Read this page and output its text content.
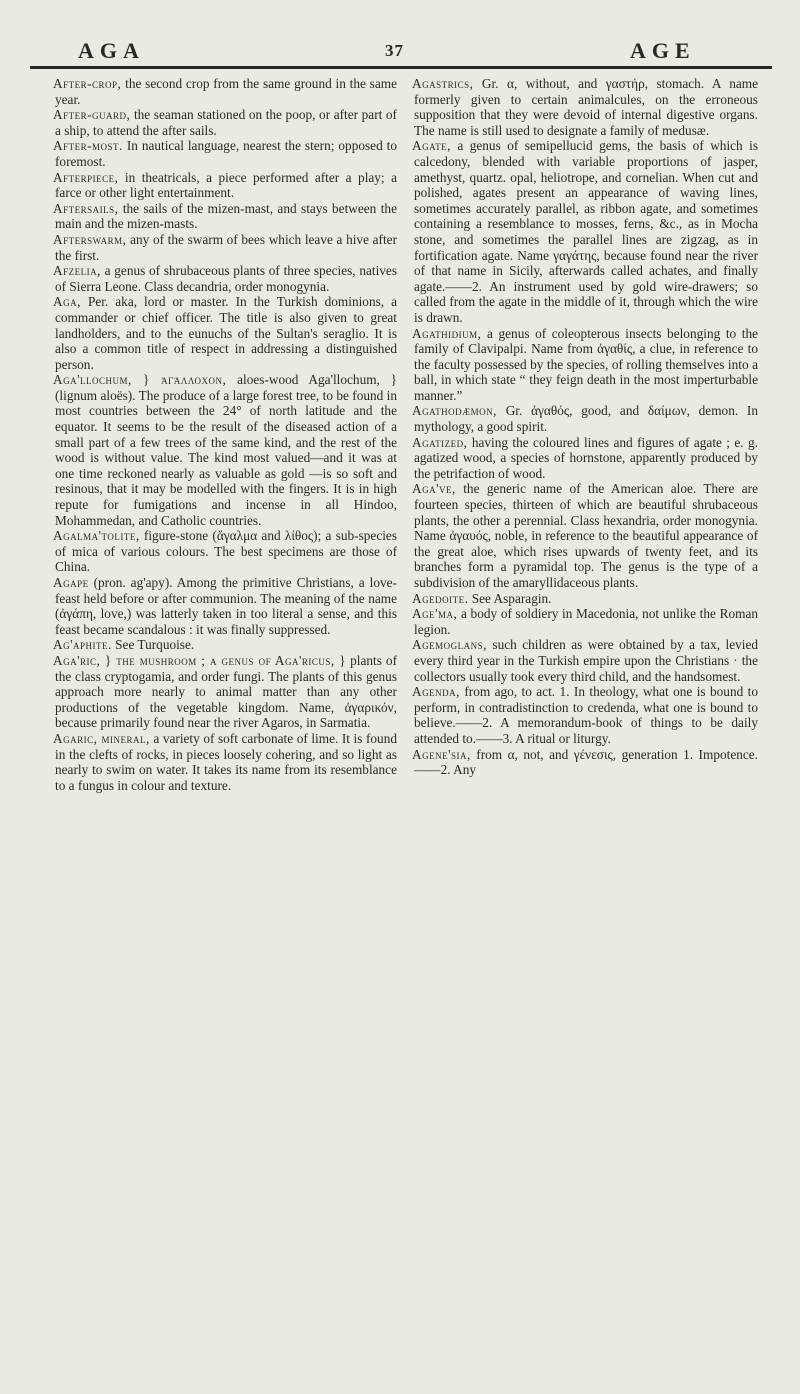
AGA	37	AGE

After-crop, the second crop from the same ground in the same year.

After-guard, the seaman stationed on the poop, or after part of a ship, to attend the after sails.

After-most. In nautical language, nearest the stern; opposed to foremost.

Afterpiece, in theatricals, a piece performed after a play; a farce or other light entertainment.

Aftersails, the sails of the mizen-mast, and stays between the main and the mizen-masts.

Afterswarm, any of the swarm of bees which leave a hive after the first.

Afzelia, a genus of shrubaceous plants of three species, natives of Sierra Leone. Class decandria, order monogynia.

Aga, Per. aka, lord or master. In the Turkish dominions, a commander or chief officer. The title is also given to great landholders, and to the eunuchs of the Sultan's seraglio. It is also a common title of respect in addressing a distinguished person.

Aga'llochum, } ἀγάλλοχον, aloes-wood Aga'llochum, } (lignum aloës). The produce of a large forest tree, to be found in most countries between the 24° of north latitude and the equator. It seems to be the result of the diseased action of a small part of a few trees of the same kind, and the rest of the wood is without value. The kind most valued—and it was at one time reckoned nearly as valuable as gold —is so soft and resinous, that it may be modelled with the fingers. It is in high repute for fumigations and incense in all Hindoo, Mohammedan, and Catholic countries.

Agalma'tolite, figure-stone (ἄγαλμα and λίθος); a sub-species of mica of various colours. The best specimens are those of China.

Agape (pron. ag'apy). Among the primitive Christians, a love-feast held before or after communion. The meaning of the name (ἀγάπη, love,) was latterly taken in too literal a sense, and this feast became scandalous : it was finally suppressed.

Ag'aphite. See Turquoise.

Aga'ric, } the mushroom ; a genus of Aga'ricus, } plants of the class cryptogamia, and order fungi. The plants of this genus approach more nearly to animal matter than any other productions of the vegetable kingdom. Name, ἀγαρικόν, because primarily found near the river Agaros, in Sarmatia.

Agaric, mineral, a variety of soft carbonate of lime. It is found in the clefts of rocks, in pieces loosely cohering, and so light as nearly to swim on water. It takes its name from its resemblance to a fungus in colour and texture.

Agastrics, Gr. α, without, and γαστήρ, stomach. A name formerly given to certain animalcules, on the erroneous supposition that they were devoid of internal digestive organs. The name is still used to designate a family of medusæ.

Agate, a genus of semipellucid gems, the basis of which is calcedony, blended with variable proportions of jasper, amethyst, quartz. opal, heliotrope, and cornelian. When cut and polished, agates present an appearance of waving lines, sometimes accurately parallel, as ribbon agate, and sometimes containing a resemblance to mosses, ferns, &c., as in Mocha stone, and sometimes the parallel lines are zigzag, as in fortification agate. Name γαγάτης, because found near the river of that name in Sicily, afterwards called achates, and finally agate.——2. An instrument used by gold wire-drawers; so called from the agate in the middle of it, through which the wire is drawn.

Agathidium, a genus of coleopterous insects belonging to the family of Clavipalpi. Name from ἀγαθίς, a clue, in reference to the faculty possessed by the species, of rolling themselves into a ball, in which state “ they feign death in the most imperturbable manner.”

Agathodæmon, Gr. ἀγαθός, good, and δαίμων, demon. In mythology, a good spirit.

Agatized, having the coloured lines and figures of agate ; e. g. agatized wood, a species of hornstone, apparently produced by the petrifaction of wood.

Aga've, the generic name of the American aloe. There are fourteen species, thirteen of which are beautiful shrubaceous plants, the other a perennial. Class hexandria, order monogynia. Name ἀγαυός, noble, in reference to the beautiful appearance of the great aloe, which rises upwards of twenty feet, and its branches form a pyramidal top. The genus is the type of a subdivision of the amaryllidaceous plants.

Agedoite. See Asparagin.

Age'ma, a body of soldiery in Macedonia, not unlike the Roman legion.

Agemoglans, such children as were obtained by a tax, levied every third year in the Turkish empire upon the Christians · the collectors usually took every third child, and the handsomest.

Agenda, from ago, to act. 1. In theology, what one is bound to perform, in contradistinction to credenda, what one is bound to believe.——2. A memorandum-book of things to be daily attended to.——3. A ritual or liturgy.

Agene'sia, from α, not, and γένεσις, generation 1. Impotence.——2. Any
